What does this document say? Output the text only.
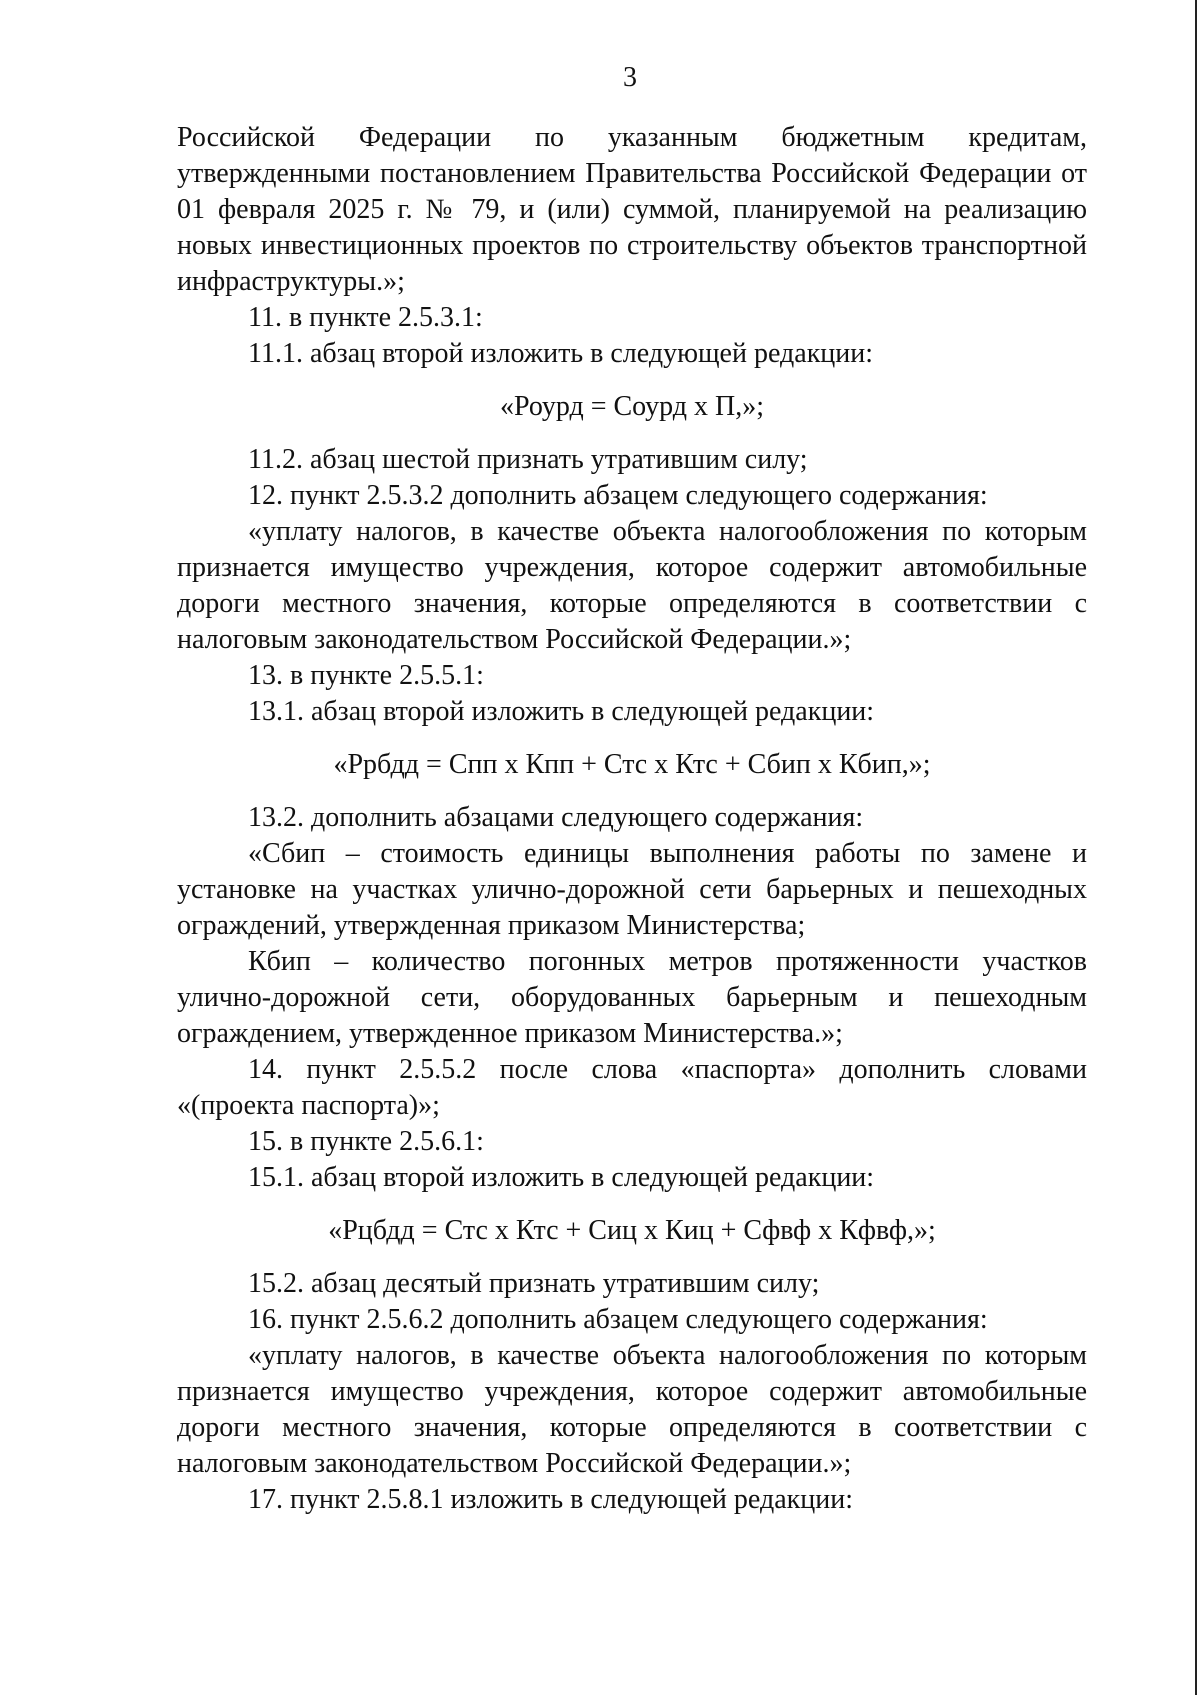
3

Российской Федерации по указанным бюджетным кредитам, утвержденными постановлением Правительства Российской Федерации от 01 февраля 2025 г. № 79, и (или) суммой, планируемой на реализацию новых инвестиционных проектов по строительству объектов транспортной инфраструктуры.»;

11. в пункте 2.5.3.1:

11.1. абзац второй изложить в следующей редакции:

«Роурд = Соурд х П,»;

11.2. абзац шестой признать утратившим силу;

12. пункт 2.5.3.2 дополнить абзацем следующего содержания:

«уплату налогов, в качестве объекта налогообложения по которым признается имущество учреждения, которое содержит автомобильные дороги местного значения, которые определяются в соответствии с налоговым законодательством Российской Федерации.»;

13. в пункте 2.5.5.1:

13.1. абзац второй изложить в следующей редакции:

«Ррбдд = Спп х Кпп + Стс х Ктс + Сбип х Кбип,»;

13.2. дополнить абзацами следующего содержания:

«Сбип – стоимость единицы выполнения работы по замене и установке на участках улично-дорожной сети барьерных и пешеходных ограждений, утвержденная приказом Министерства;

Кбип – количество погонных метров протяженности участков улично-дорожной сети, оборудованных барьерным и пешеходным ограждением, утвержденное приказом Министерства.»;

14. пункт 2.5.5.2 после слова «паспорта» дополнить словами «(проекта паспорта)»;

15. в пункте 2.5.6.1:

15.1. абзац второй изложить в следующей редакции:

«Рцбдд = Стс х Ктс + Сиц х Киц + Сфвф х Кфвф,»;

15.2. абзац десятый признать утратившим силу;

16. пункт 2.5.6.2 дополнить абзацем следующего содержания:

«уплату налогов, в качестве объекта налогообложения по которым признается имущество учреждения, которое содержит автомобильные дороги местного значения, которые определяются в соответствии с налоговым законодательством Российской Федерации.»;

17. пункт 2.5.8.1 изложить в следующей редакции:
